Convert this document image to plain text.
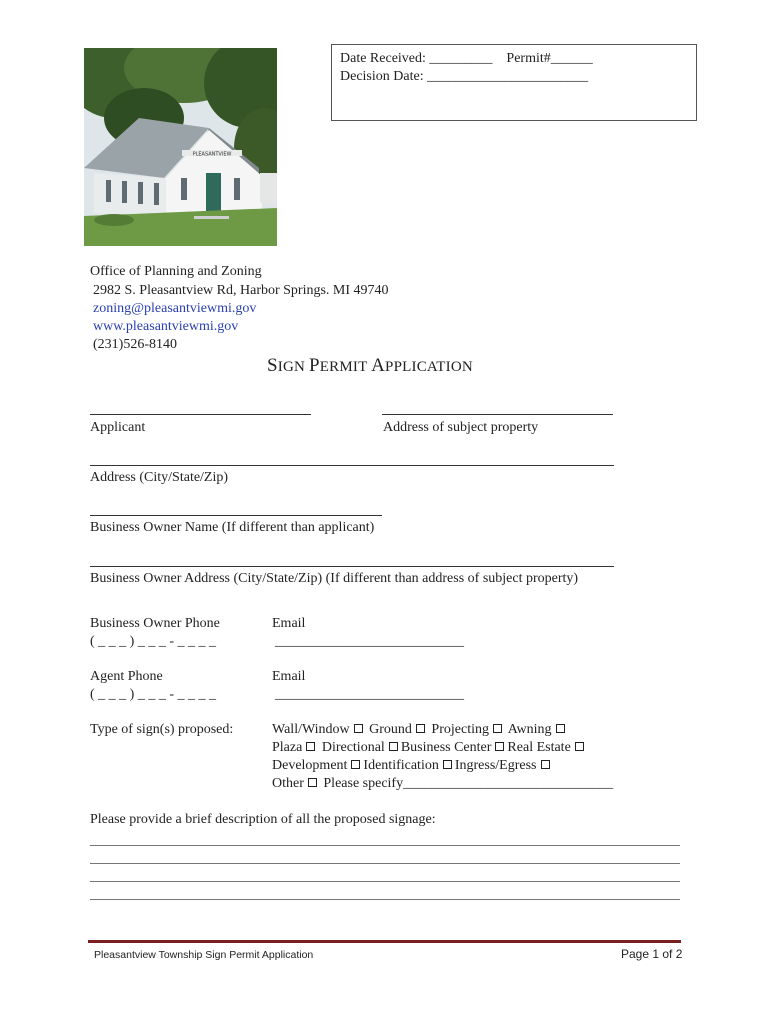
Date Received: _________ Permit#______
Decision Date: _______________________
PLEASANTVIEW
Office of Planning and Zoning
2982 S. Pleasantview Rd, Harbor Springs. MI 49740
zoning@pleasantviewmi.gov
www.pleasantviewmi.gov
(231)526-8140
SIGN PERMIT APPLICATION
Applicant	Address of subject property
Address (City/State/Zip)
Business Owner Name (If different than applicant)
Business Owner Address (City/State/Zip) (If different than address of subject property)
Business Owner Phone
( _ _ _ ) _ _ _ - _ _ _ _
Email
___________________________
Agent Phone
( _ _ _ ) _ _ _ - _ _ _ _
Email
___________________________
Type of sign(s) proposed:	Wall/Window Ground Projecting Awning
Plaza Directional Business Center Real Estate
Development Identification Ingress/Egress
Other Please specify______________________________
Please provide a brief description of all the proposed signage:
Pleasantview Township Sign Permit Application	Page 1 of 2
